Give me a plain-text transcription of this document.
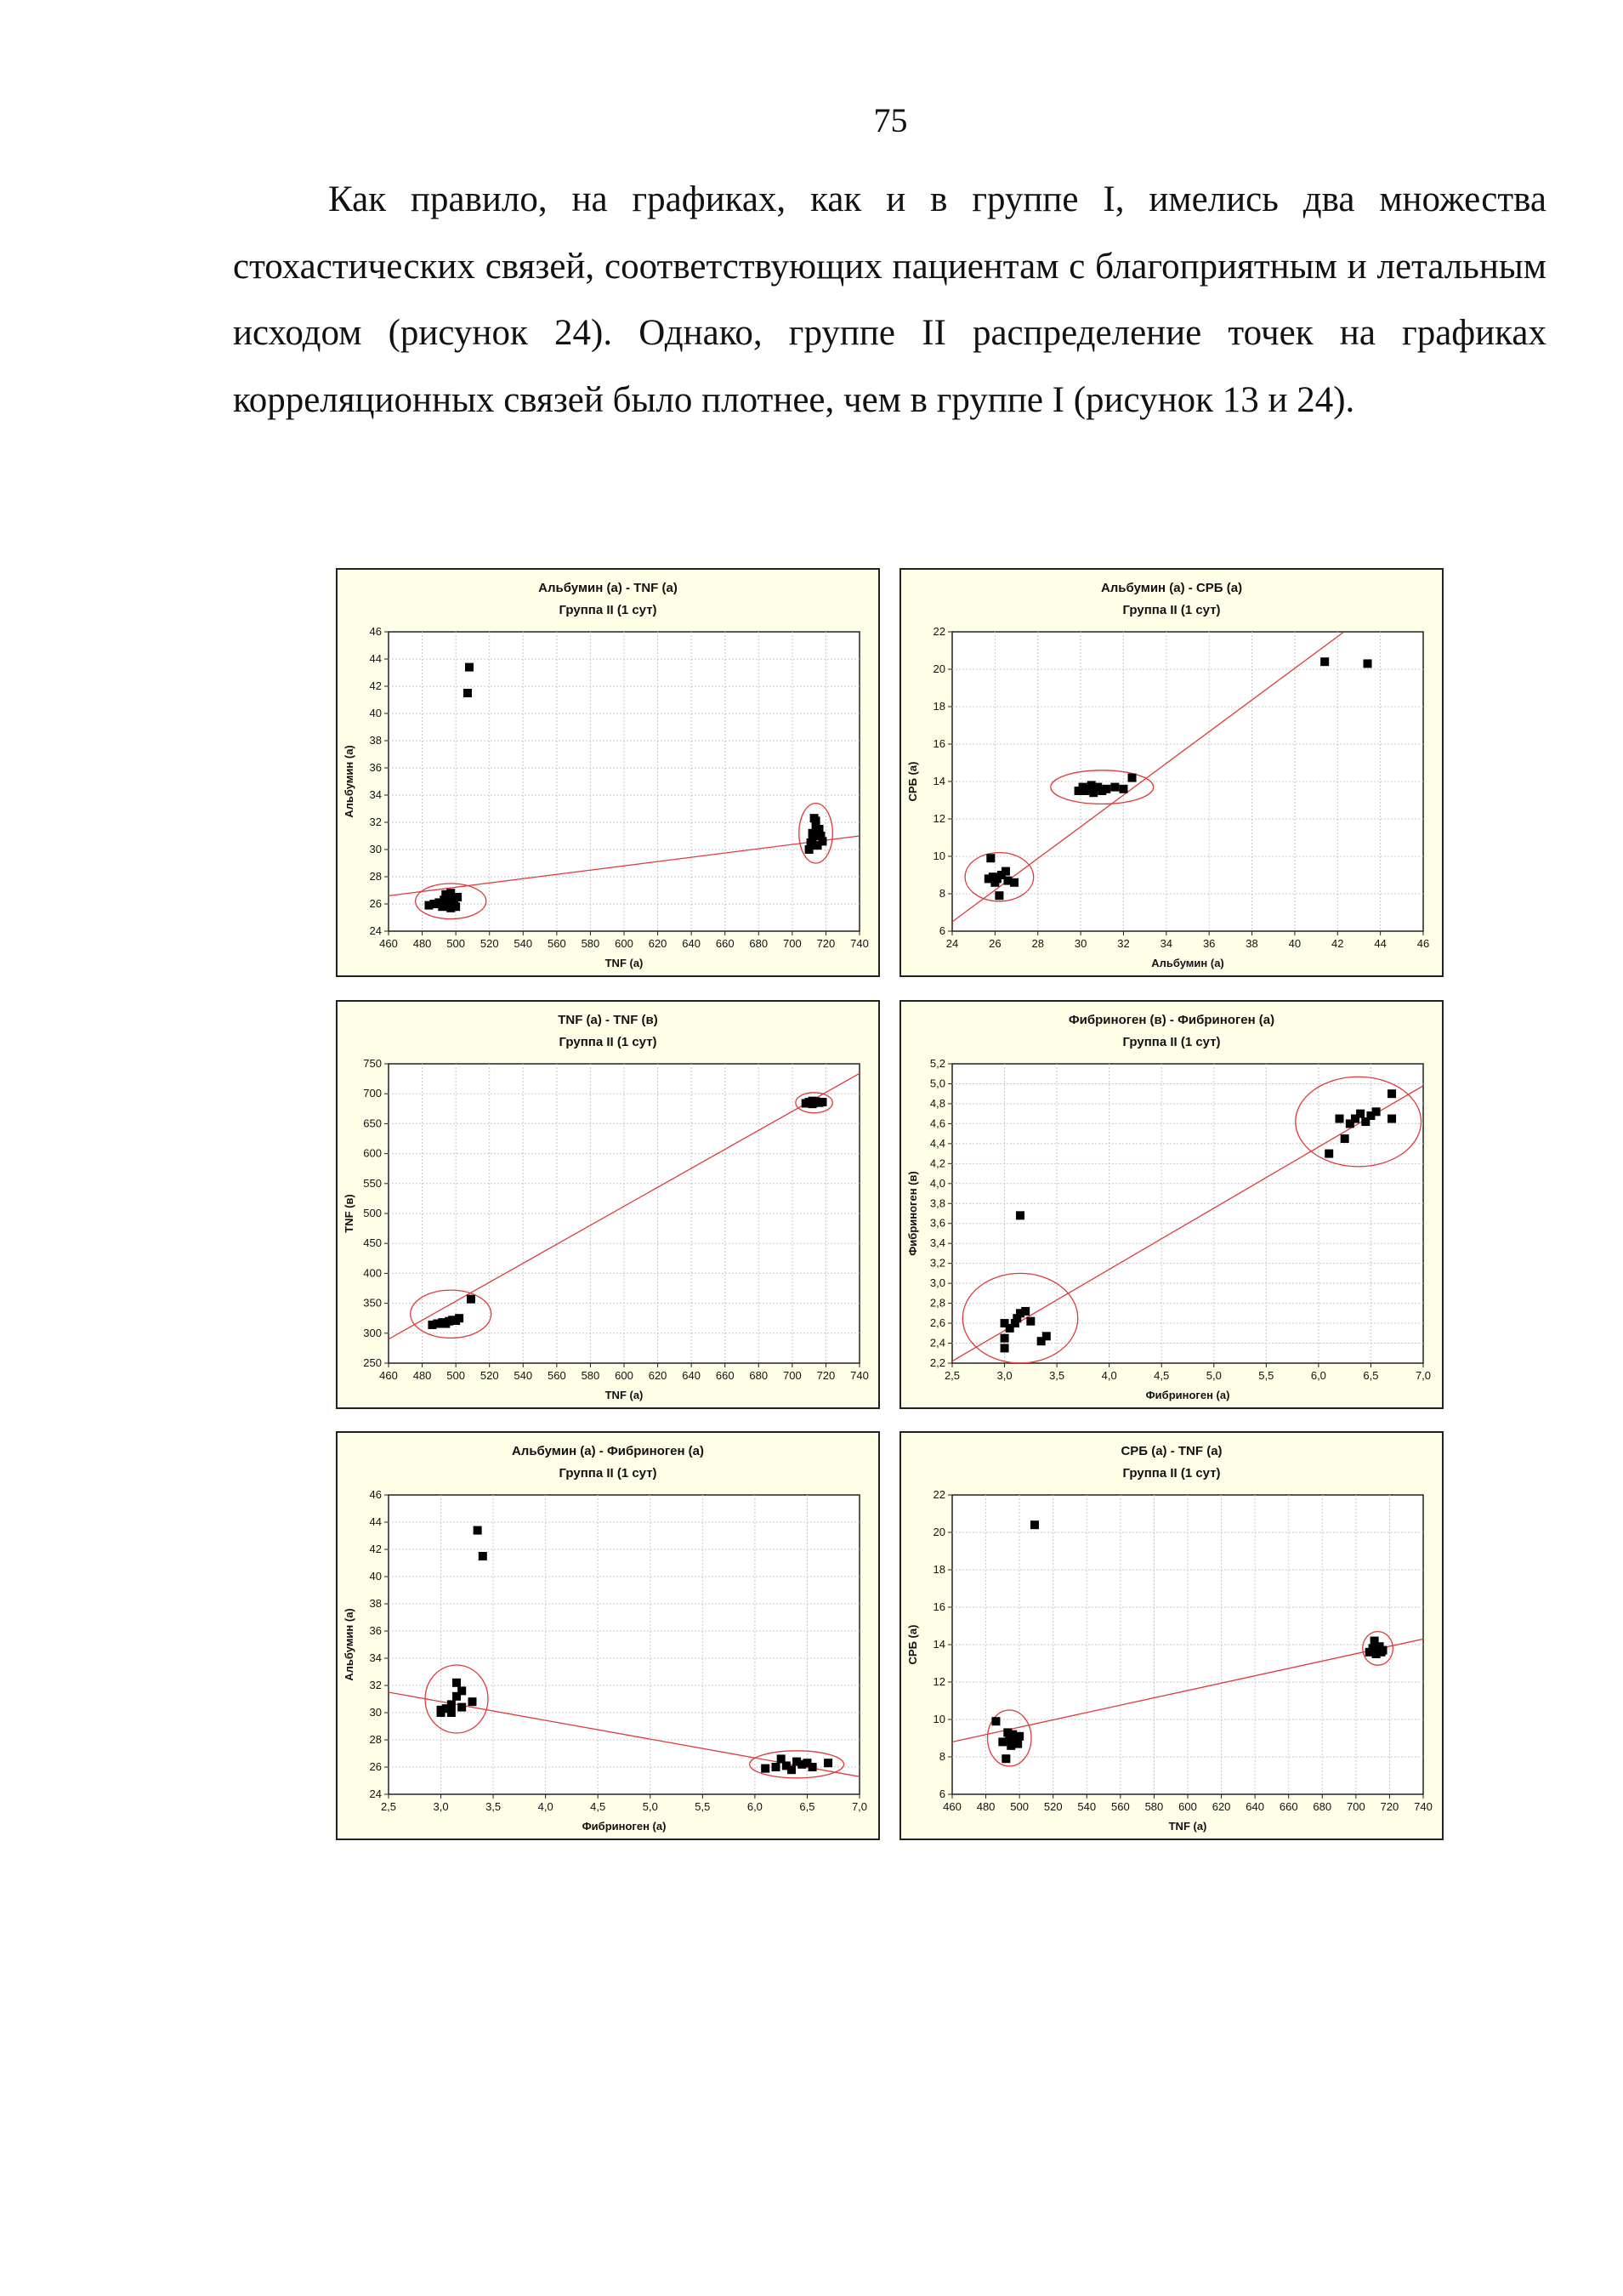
75

Как правило, на графиках, как и в группе I, имелись два множества стохастических связей, соответствующих пациентам с благоприятным и летальным исходом (рисунок 24). Однако, группе II распределение точек на графиках корреляционных связей было плотнее, чем в группе I (рисунок 13 и 24).

Альбумин (а) - TNF (а)
Группа II (1 сут)
460 480 500 520 540 560 580 600 620 640 660 680 700 720 740
24
26
28
30
32
34
36
38
40
42
44
46
TNF (а)
Альбумин (а)
Альбумин (а) - СРБ (а)
Группа II (1 сут)
24	26	28	30	32	34	36	38	40	42	44	46
6
8
10
12
14
16
18
20
22
Альбумин (а)
СРБ (а)
TNF (а) - TNF (в)
Группа II (1 сут)
460 480 500 520 540 560 580 600 620 640 660 680 700 720 740
250
300
350
400
450
500
550
600
650
700
750
TNF (а)
TNF (в)
Фибриноген (в) - Фибриноген (а)
Группа II (1 сут)
2,5	3,0	3,5	4,0	4,5	5,0	5,5	6,0	6,5	7,0
2,2
2,4
2,6
2,8
3,0
3,2
3,4
3,6
3,8
4,0
4,2
4,4
4,6
4,8
5,0
5,2
Фибриноген (а)
Фибриноген (в)
Альбумин (а) - Фибриноген (а)
Группа II (1 сут)
2,5	3,0	3,5	4,0	4,5	5,0	5,5	6,0	6,5	7,0
24
26
28
30
32
34
36
38
40
42
44
46
Фибриноген (а)
Альбумин (а)
СРБ (а) - TNF (а)
Группа II (1 сут)
460 480 500 520 540 560 580 600 620 640 660 680 700 720 740
6
8
10
12
14
16
18
20
22
TNF (а)
СРБ (а)
